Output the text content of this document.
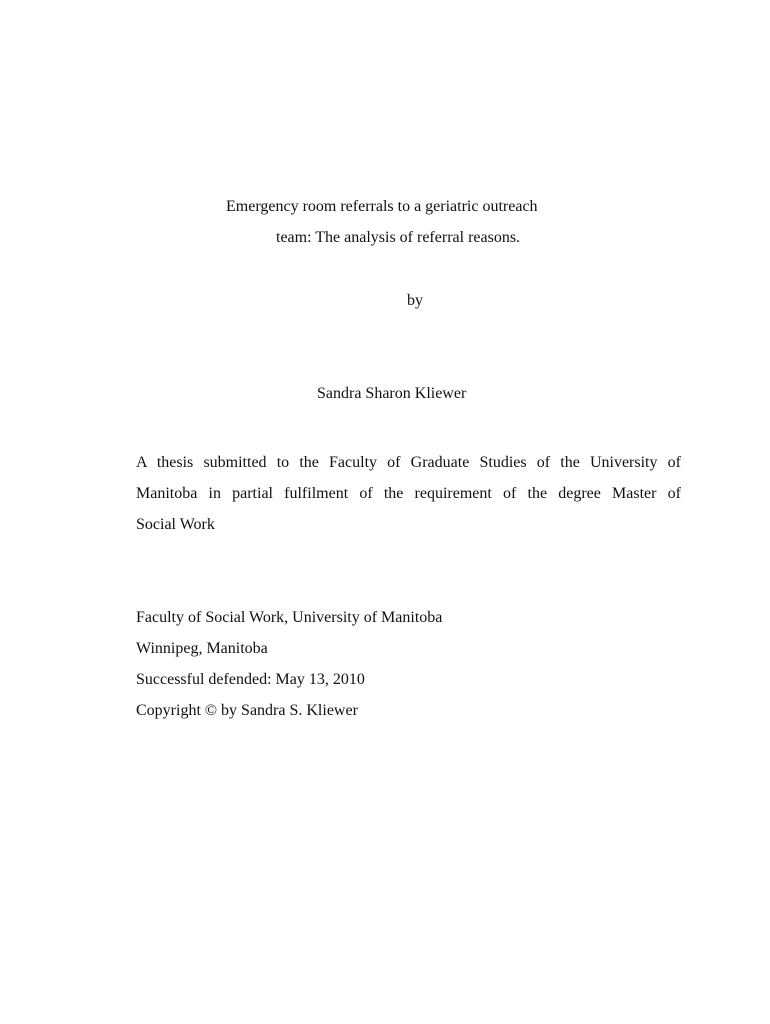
Emergency room referrals to a geriatric outreach
team: The analysis of referral reasons.
by
Sandra Sharon Kliewer
A thesis submitted to the Faculty of Graduate Studies of the University of
Manitoba in partial fulfilment of the requirement of the degree Master of
Social Work
Faculty of Social Work, University of Manitoba
Winnipeg, Manitoba
Successful defended: May 13, 2010
Copyright © by Sandra S. Kliewer
